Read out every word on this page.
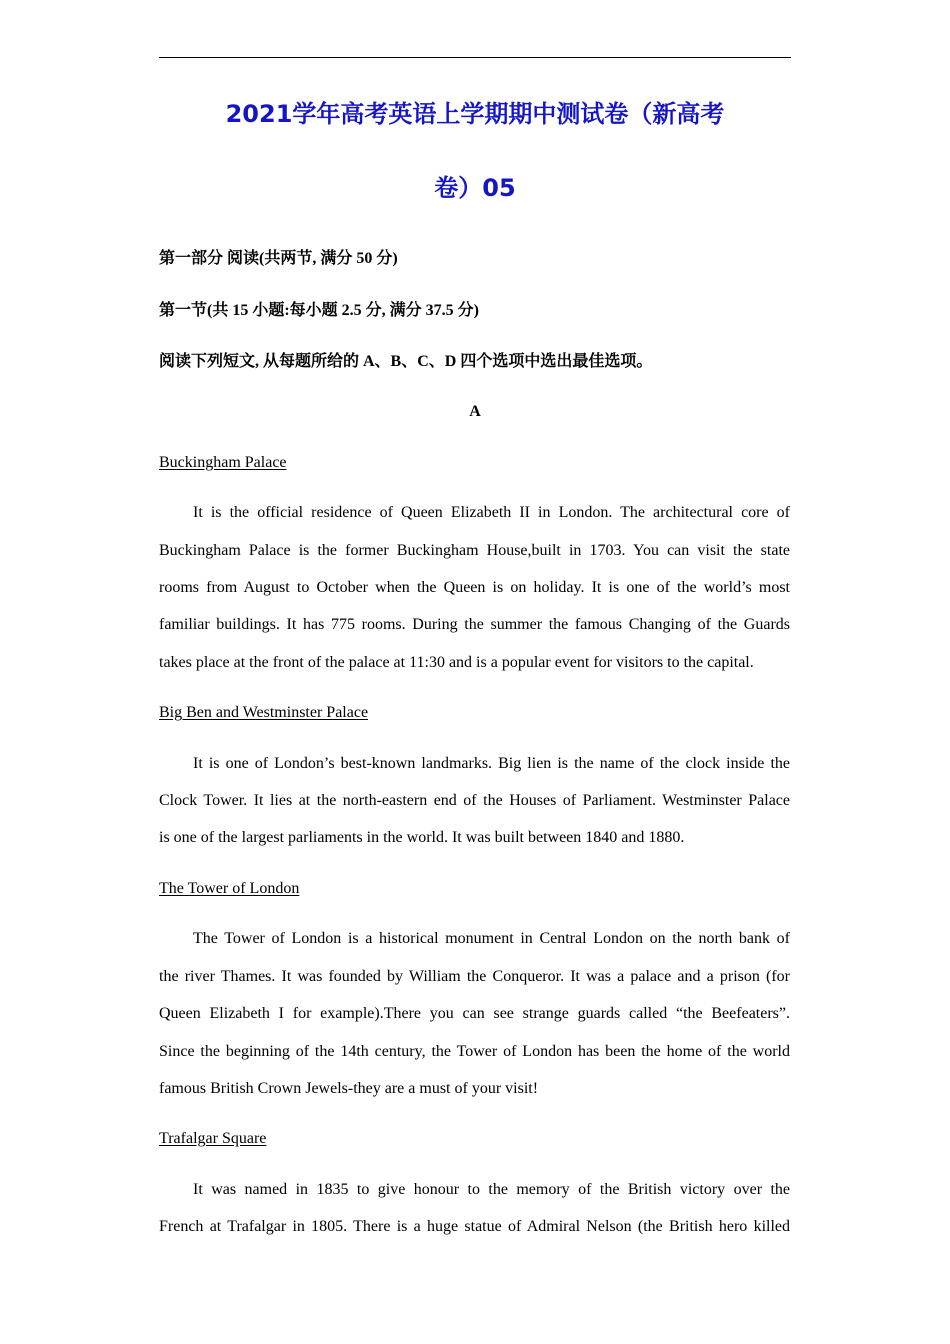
2021学年高考英语上学期期中测试卷（新高考
卷）05
第一部分 阅读(共两节, 满分 50 分)
第一节(共 15 小题:每小题 2.5 分, 满分 37.5 分)
阅读下列短文, 从每题所给的 A、B、C、D 四个选项中选出最佳选项。
A
Buckingham Palace
It is the official residence of Queen Elizabeth II in London. The architectural core of
Buckingham Palace is the former Buckingham House,built in 1703. You can visit the state
rooms from August to October when the Queen is on holiday. It is one of the world’s most
familiar buildings. It has 775 rooms. During the summer the famous Changing of the Guards
takes place at the front of the palace at 11:30 and is a popular event for visitors to the capital.
Big Ben and Westminster Palace
It is one of London’s best-known landmarks. Big lien is the name of the clock inside the
Clock Tower. It lies at the north-eastern end of the Houses of Parliament. Westminster Palace
is one of the largest parliaments in the world. It was built between 1840 and 1880.
The Tower of London
The Tower of London is a historical monument in Central London on the north bank of
the river Thames. It was founded by William the Conqueror. It was a palace and a prison (for
Queen Elizabeth I for example).There you can see strange guards called “the Beefeaters”.
Since the beginning of the 14th century, the Tower of London has been the home of the world
famous British Crown Jewels-they are a must of your visit!
Trafalgar Square
It was named in 1835 to give honour to the memory of the British victory over the
French at Trafalgar in 1805. There is a huge statue of Admiral Nelson (the British hero killed
